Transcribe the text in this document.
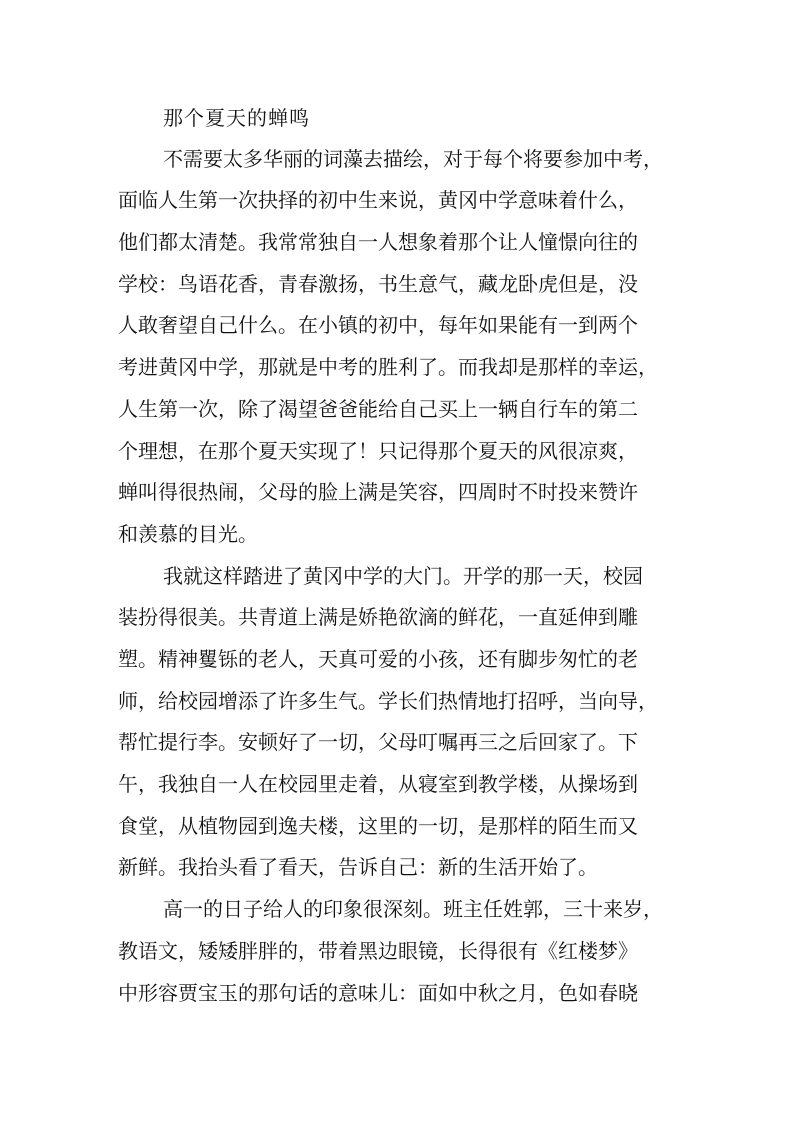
那个夏天的蝉鸣
不需要太多华丽的词藻去描绘，对于每个将要参加中考，
面临人生第一次抉择的初中生来说，黄冈中学意味着什么，
他们都太清楚。我常常独自一人想象着那个让人憧憬向往的
学校：鸟语花香，青春激扬，书生意气，藏龙卧虎但是，没
人敢奢望自己什么。在小镇的初中，每年如果能有一到两个
考进黄冈中学，那就是中考的胜利了。而我却是那样的幸运，
人生第一次，除了渴望爸爸能给自己买上一辆自行车的第二
个理想，在那个夏天实现了！只记得那个夏天的风很凉爽，
蝉叫得很热闹，父母的脸上满是笑容，四周时不时投来赞许
和羡慕的目光。
我就这样踏进了黄冈中学的大门。开学的那一天，校园
装扮得很美。共青道上满是娇艳欲滴的鲜花，一直延伸到雕
塑。精神矍铄的老人，天真可爱的小孩，还有脚步匆忙的老
师，给校园增添了许多生气。学长们热情地打招呼，当向导，
帮忙提行李。安顿好了一切，父母叮嘱再三之后回家了。下
午，我独自一人在校园里走着，从寝室到教学楼，从操场到
食堂，从植物园到逸夫楼，这里的一切，是那样的陌生而又
新鲜。我抬头看了看天，告诉自己：新的生活开始了。
高一的日子给人的印象很深刻。班主任姓郭，三十来岁，
教语文，矮矮胖胖的，带着黑边眼镜，长得很有《红楼梦》
中形容贾宝玉的那句话的意味儿：面如中秋之月，色如春晓
